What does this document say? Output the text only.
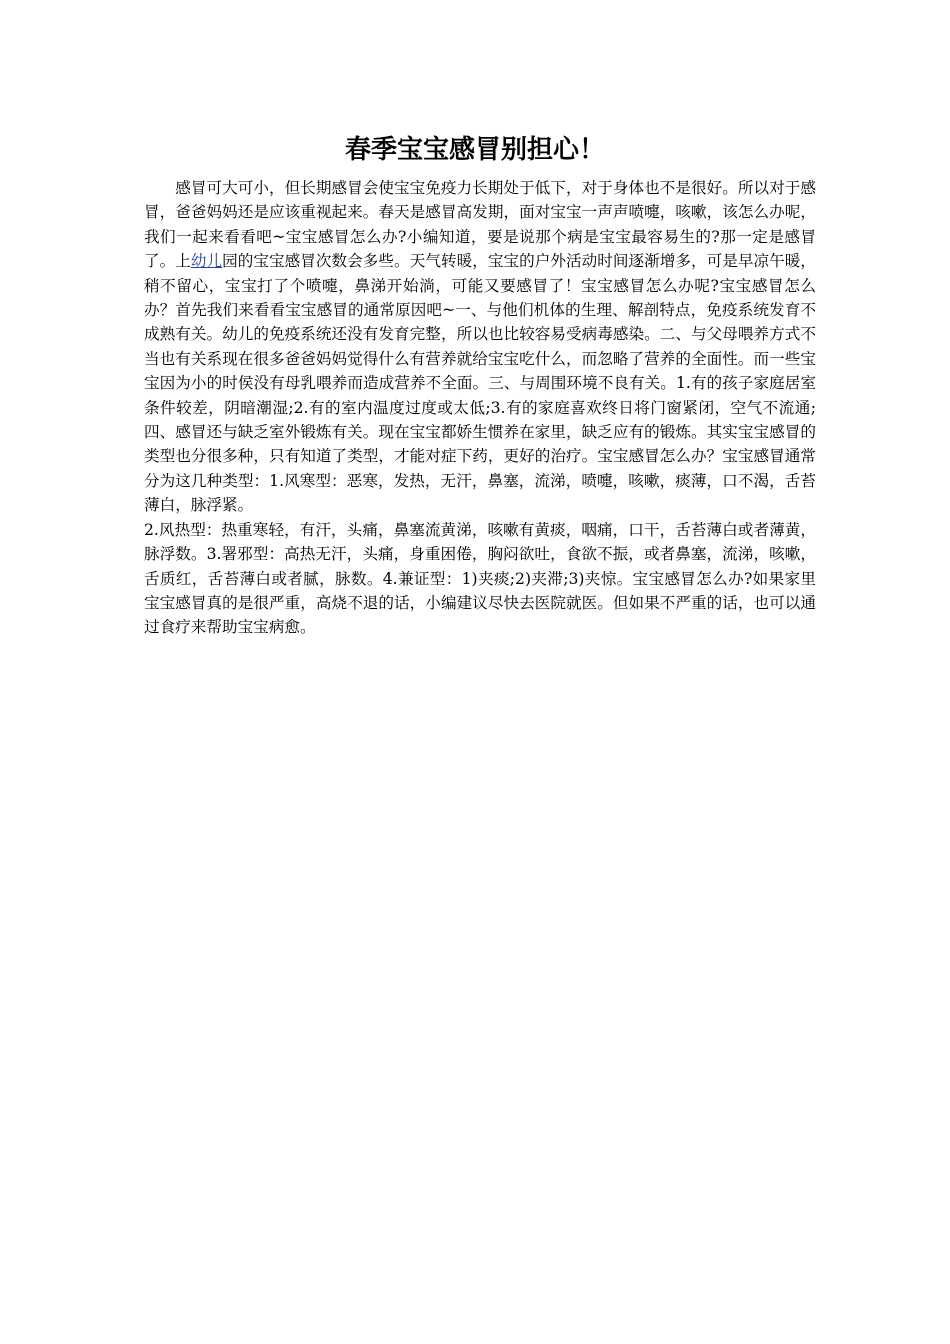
春季宝宝感冒别担心！

感冒可大可小，但长期感冒会使宝宝免疫力长期处于低下，对于身体也不是很好。所以对于感冒，爸爸妈妈还是应该重视起来。春天是感冒高发期，面对宝宝一声声喷嚏，咳嗽，该怎么办呢，我们一起来看看吧~宝宝感冒怎么办?小编知道，要是说那个病是宝宝最容易生的?那一定是感冒了。上幼儿园的宝宝感冒次数会多些。天气转暖，宝宝的户外活动时间逐渐增多，可是早凉午暖，稍不留心，宝宝打了个喷嚏，鼻涕开始淌，可能又要感冒了！宝宝感冒怎么办呢?宝宝感冒怎么办？首先我们来看看宝宝感冒的通常原因吧~一、与他们机体的生理、解剖特点，免疫系统发育不成熟有关。幼儿的免疫系统还没有发育完整，所以也比较容易受病毒感染。二、与父母喂养方式不当也有关系现在很多爸爸妈妈觉得什么有营养就给宝宝吃什么，而忽略了营养的全面性。而一些宝宝因为小的时侯没有母乳喂养而造成营养不全面。三、与周围环境不良有关。1.有的孩子家庭居室条件较差，阴暗潮湿;2.有的室内温度过度或太低;3.有的家庭喜欢终日将门窗紧闭，空气不流通;四、感冒还与缺乏室外锻炼有关。现在宝宝都娇生惯养在家里，缺乏应有的锻炼。其实宝宝感冒的类型也分很多种，只有知道了类型，才能对症下药，更好的治疗。宝宝感冒怎么办？宝宝感冒通常分为这几种类型：1.风寒型：恶寒，发热，无汗，鼻塞，流涕，喷嚏，咳嗽，痰薄，口不渴，舌苔薄白，脉浮紧。

2.风热型：热重寒轻，有汗，头痛，鼻塞流黄涕，咳嗽有黄痰，咽痛，口干，舌苔薄白或者薄黄，脉浮数。3.署邪型：高热无汗，头痛，身重困倦，胸闷欲吐，食欲不振，或者鼻塞，流涕，咳嗽，舌质红，舌苔薄白或者腻，脉数。4.兼证型：1)夹痰;2)夹滞;3)夹惊。宝宝感冒怎么办?如果家里宝宝感冒真的是很严重，高烧不退的话，小编建议尽快去医院就医。但如果不严重的话，也可以通过食疗来帮助宝宝病愈。
